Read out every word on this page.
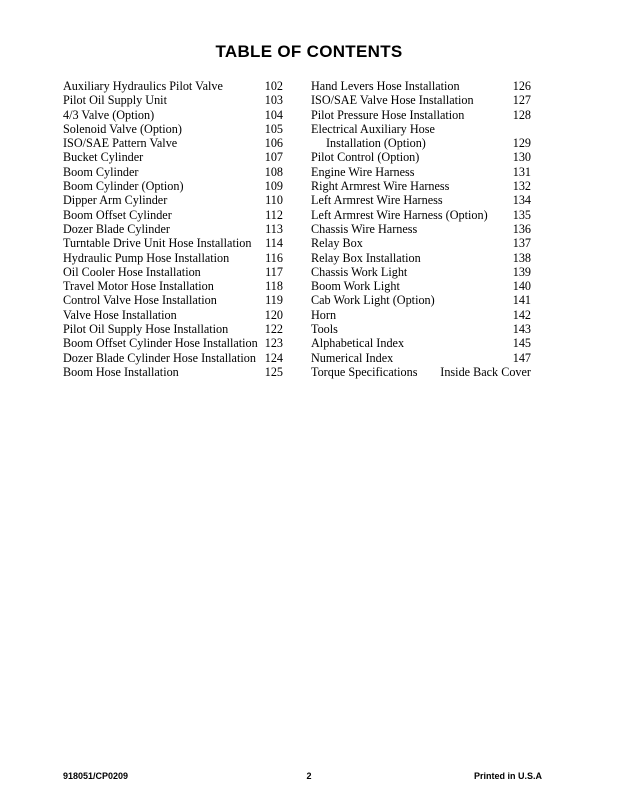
TABLE OF CONTENTS
Auxiliary Hydraulics Pilot Valve	102
Pilot Oil Supply Unit	103
4/3 Valve (Option)	104
Solenoid Valve (Option)	105
ISO/SAE Pattern Valve	106
Bucket Cylinder	107
Boom Cylinder	108
Boom Cylinder (Option)	109
Dipper Arm Cylinder	110
Boom Offset Cylinder	112
Dozer Blade Cylinder	113
Turntable Drive Unit Hose Installation 114
Hydraulic Pump Hose Installation	116
Oil Cooler Hose Installation	117
Travel Motor Hose Installation	118
Control Valve Hose Installation	119
Valve Hose Installation	120
Pilot Oil Supply Hose Installation	122
Boom Offset Cylinder Hose Installation 123
Dozer Blade Cylinder Hose Installation 124
Boom Hose Installation	125
Hand Levers Hose Installation	126
ISO/SAE Valve Hose Installation	127
Pilot Pressure Hose Installation	128
Electrical Auxiliary Hose
Installation (Option)	129
Pilot Control (Option)	130
Engine Wire Harness	131
Right Armrest Wire Harness	132
Left Armrest Wire Harness	134
Left Armrest Wire Harness (Option) 135
Chassis Wire Harness	136
Relay Box	137
Relay Box Installation	138
Chassis Work Light	139
Boom Work Light	140
Cab Work Light (Option)	141
Horn	142
Tools	143
Alphabetical Index	145
Numerical Index	147
Torque Specifications Inside Back Cover
918051/CP0209	2	Printed in U.S.A
